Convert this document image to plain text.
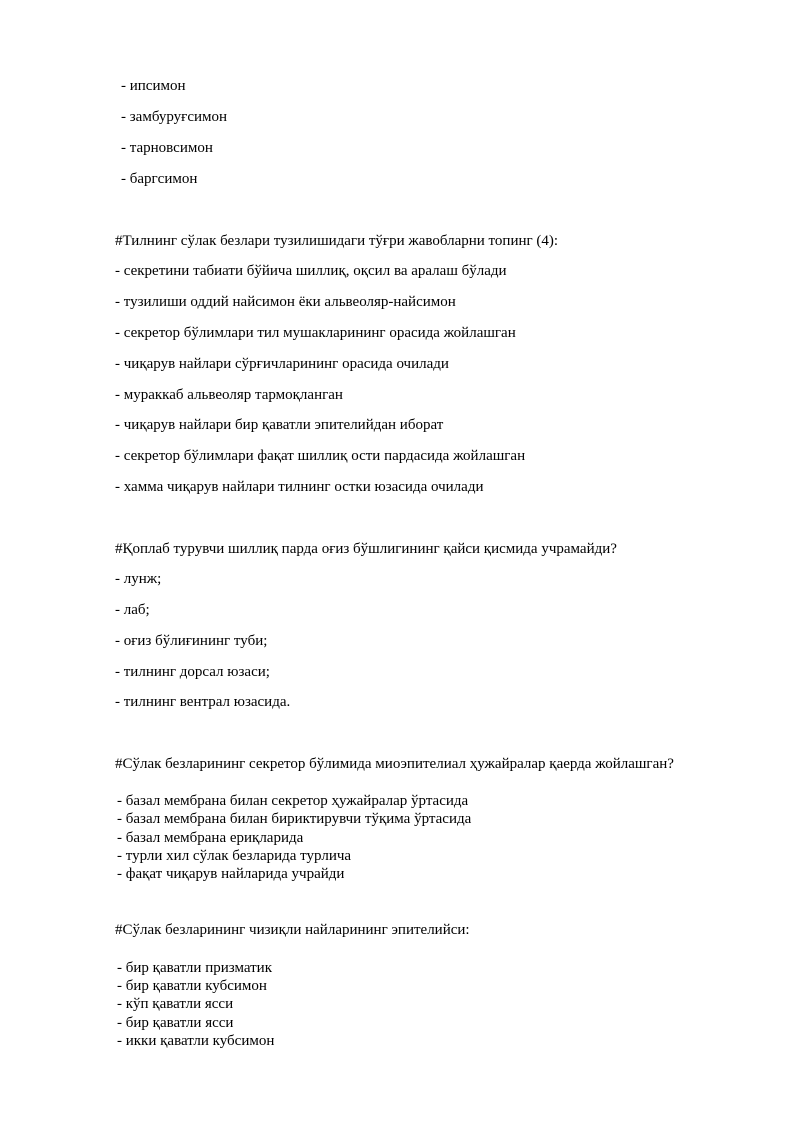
- ипсимон

- замбуруғсимон

- тарновсимон

- баргсимон

#Тилнинг сўлак безлари тузилишидаги тўғри жавобларни топинг (4):

- секретини табиати бўйича шиллиқ, оқсил ва аралаш бўлади

- тузилиши оддий найсимон ёки альвеоляр-найсимон

- секретор бўлимлари тил мушакларининг орасида жойлашган

- чиқарув найлари сўрғичларининг орасида очилади

- мураккаб альвеоляр тармоқланган

- чиқарув найлари бир қаватли эпителийдан иборат

- секретор бўлимлари фақат шиллиқ ости пардасида жойлашган

- хамма чиқарув найлари тилнинг остки юзасида очилади

#Қоплаб турувчи шиллиқ парда оғиз бўшлигининг қайси қисмида учрамайди?

- лунж;

- лаб;

- оғиз бўлиғининг туби;

- тилнинг дорсал юзаси;

- тилнинг вентрал юзасида.

#Сўлак безларининг секретор бўлимида миоэпителиал ҳужайралар қаерда жойлашган?

- базал мембрана билан секретор ҳужайралар ўртасида

- базал мембрана билан бириктирувчи тўқима ўртасида

- базал мембрана ериқларида

- турли хил сўлак безларида турлича

- фақат чиқарув найларида учрайди

#Сўлак безларининг чизиқли найларининг эпителийси:

- бир қаватли призматик

- бир қаватли кубсимон

- кўп қаватли ясси

- бир қаватли ясси

- икки қаватли кубсимон
